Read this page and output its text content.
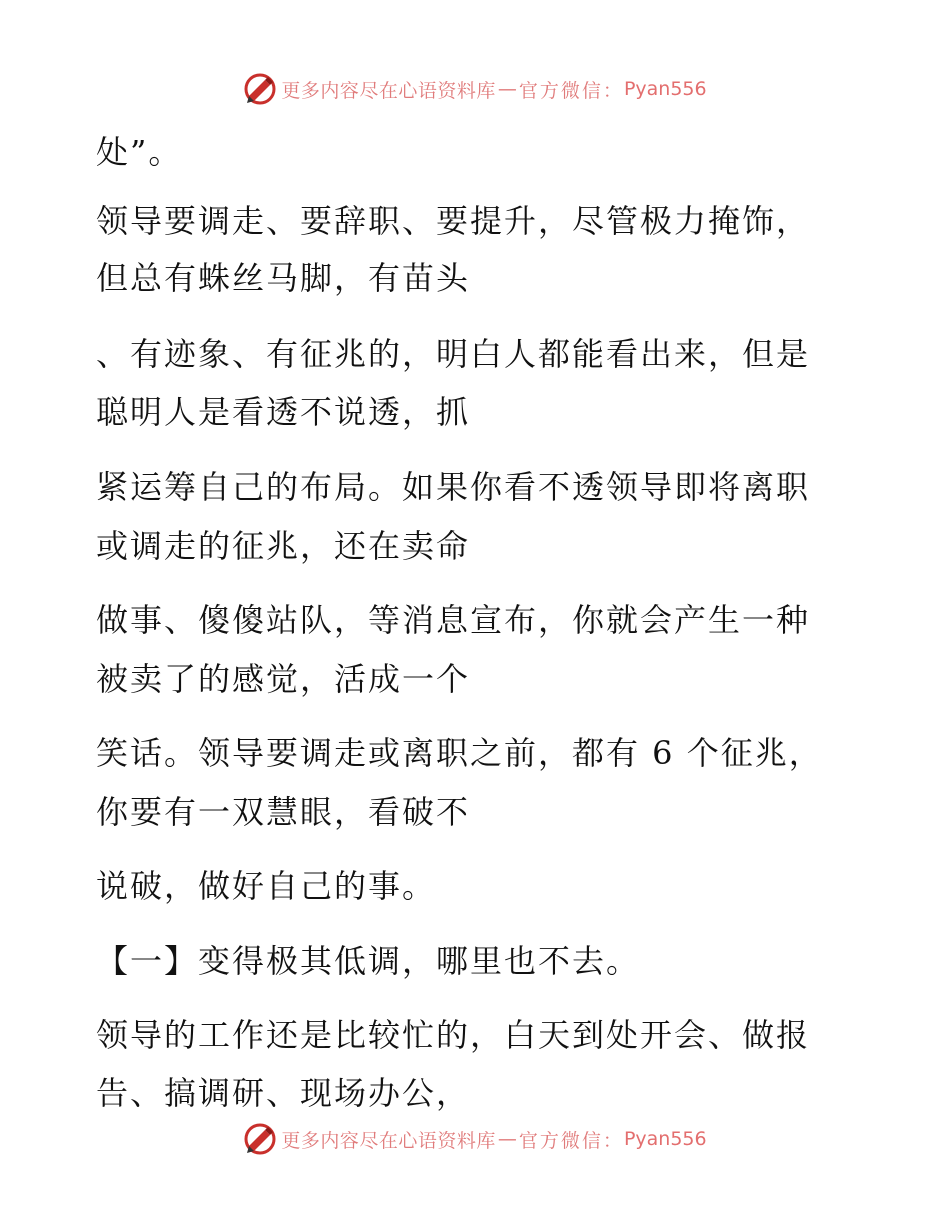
更多内容尽在心语资料库 — 官方微信： Pyan556
处”。
领导要调走、要辞职、要提升，尽管极力掩饰，
但总有蛛丝马脚，有苗头
、有迹象、有征兆的，明白人都能看出来，但是
聪明人是看透不说透，抓
紧运筹自己的布局。如果你看不透领导即将离职
或调走的征兆，还在卖命
做事、傻傻站队，等消息宣布，你就会产生一种
被卖了的感觉，活成一个
笑话。领导要调走或离职之前，都有 6 个征兆，
你要有一双慧眼，看破不
说破，做好自己的事。
【一】变得极其低调，哪里也不去。
领导的工作还是比较忙的，白天到处开会、做报
告、搞调研、现场办公，
更多内容尽在心语资料库 — 官方微信： Pyan556
